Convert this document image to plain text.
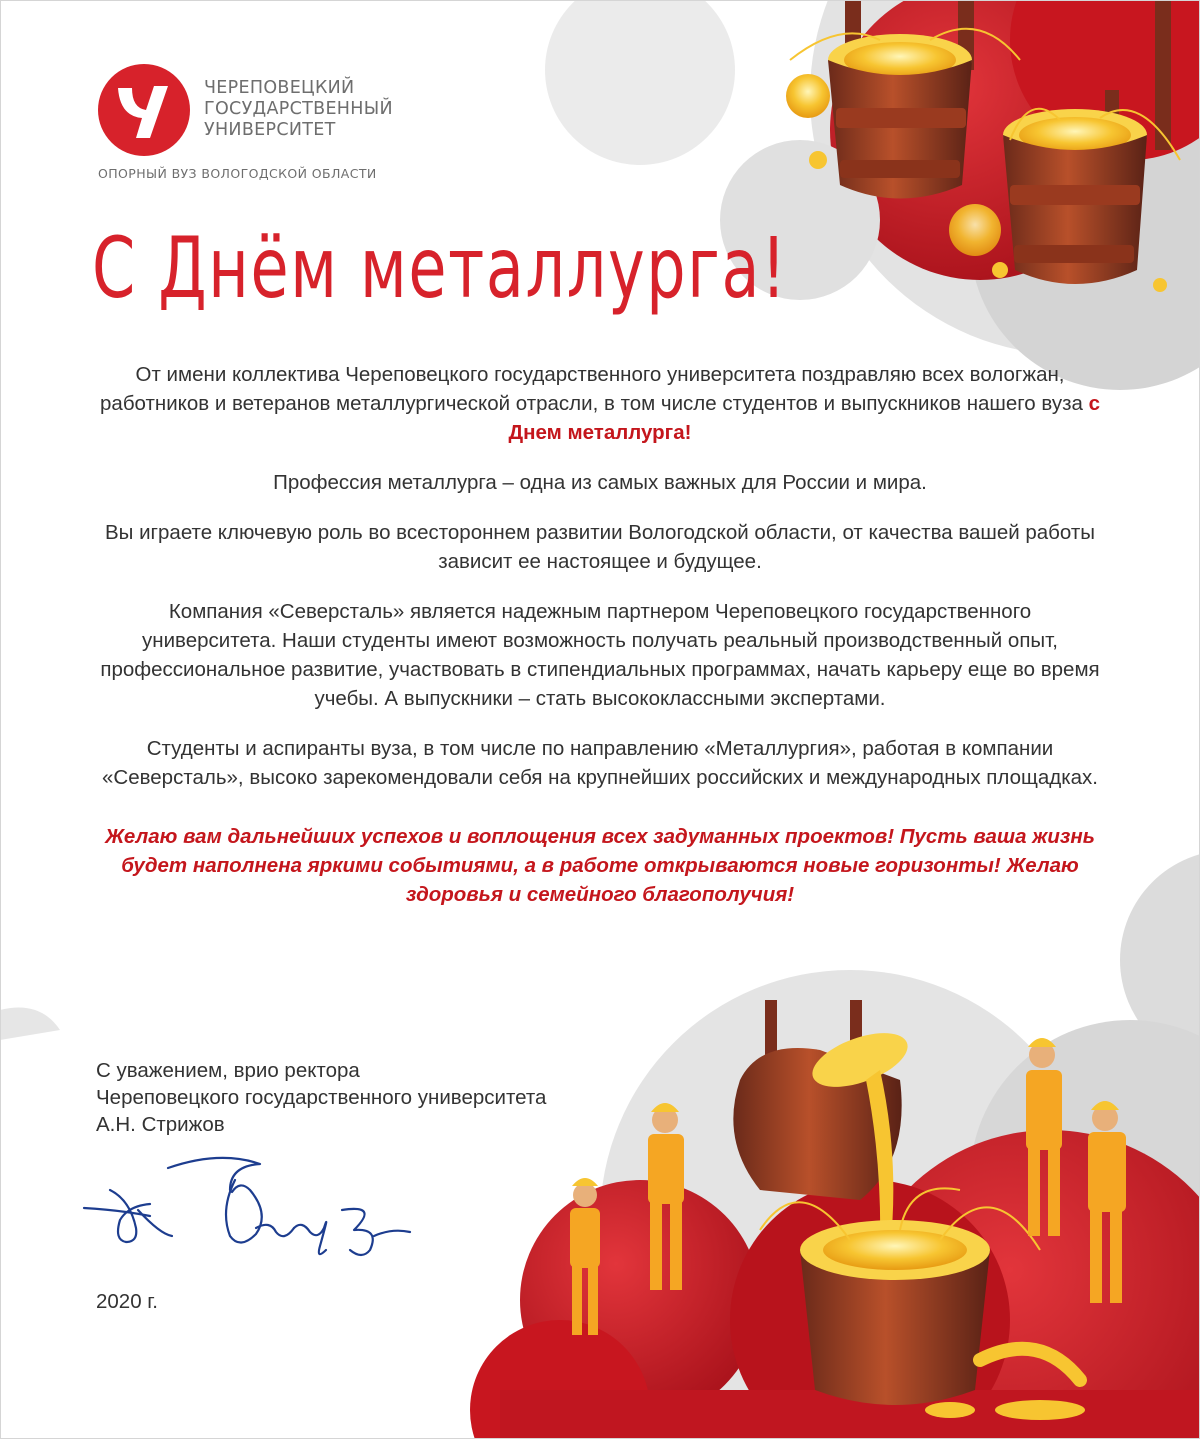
ЧЕРЕПОВЕЦКИЙ
ГОСУДАРСТВЕННЫЙ
УНИВЕРСИТЕТ
ОПОРНЫЙ ВУЗ ВОЛОГОДСКОЙ ОБЛАСТИ
С Днём металлурга!

От имени коллектива Череповецкого государственного университета поздравляю всех вологжан, работников и ветеранов металлургической отрасли, в том числе студентов и выпускников нашего вуза с Днем металлурга!

Профессия металлурга – одна из самых важных для России и мира.

Вы играете ключевую роль во всестороннем развитии Вологодской области, от качества вашей работы зависит ее настоящее и будущее.

Компания «Северсталь» является надежным партнером Череповецкого государственного университета. Наши студенты имеют возможность получать реальный производственный опыт, профессиональное развитие, участвовать в стипендиальных программах, начать карьеру еще во время учебы. А выпускники – стать высококлассными экспертами.

Студенты и аспиранты вуза, в том числе по направлению «Металлургия», работая в компании «Северсталь», высоко зарекомендовали себя на крупнейших российских и международных площадках.

Желаю вам дальнейших успехов и воплощения всех задуманных проектов! Пусть ваша жизнь будет наполнена яркими событиями, а в работе открываются новые горизонты! Желаю здоровья и семейного благополучия!

С уважением, врио ректора
Череповецкого государственного университета
А.Н. Стрижов
2020 г.
